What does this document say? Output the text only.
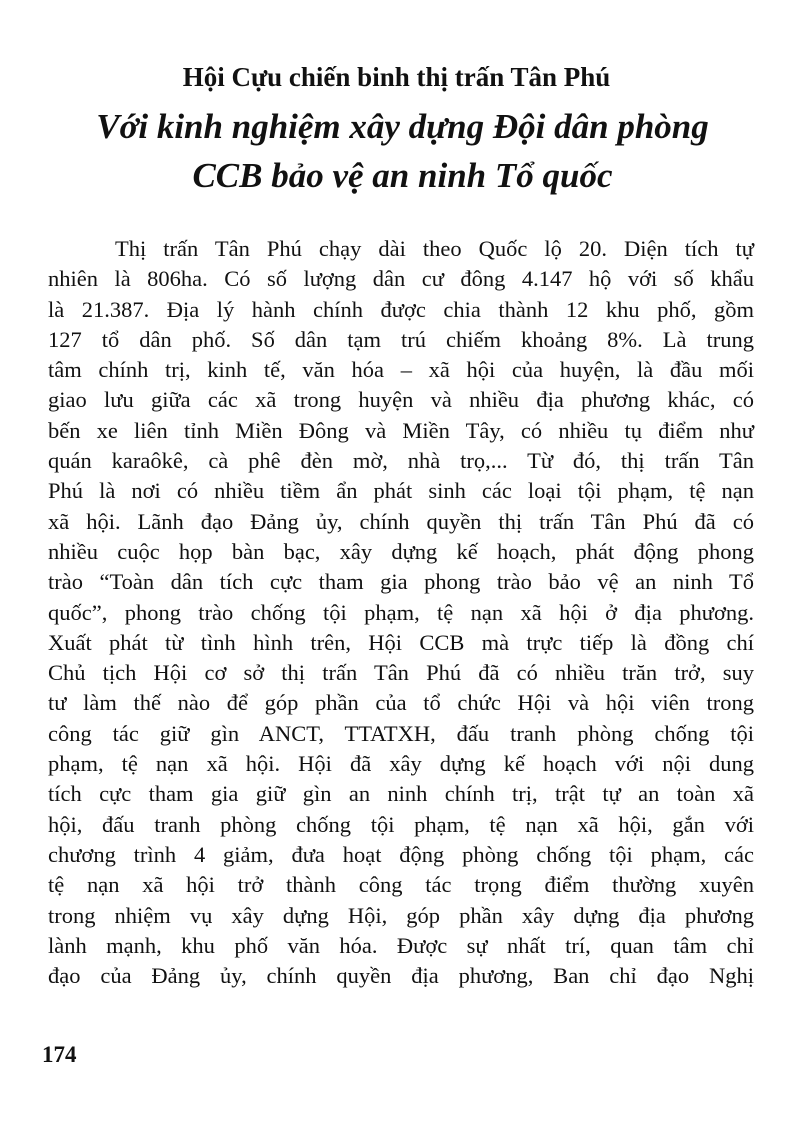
Hội Cựu chiến binh thị trấn Tân Phú
Với kinh nghiệm xây dựng Đội dân phòng
CCB bảo vệ an ninh Tổ quốc
Thị trấn Tân Phú chạy dài theo Quốc lộ 20. Diện tích tự
nhiên là 806ha. Có số lượng dân cư đông 4.147 hộ với số khẩu
là 21.387. Địa lý hành chính được chia thành 12 khu phố, gồm
127 tổ dân phố. Số dân tạm trú chiếm khoảng 8%. Là trung
tâm chính trị, kinh tế, văn hóa – xã hội của huyện, là đầu mối
giao lưu giữa các xã trong huyện và nhiều địa phương khác, có
bến xe liên tỉnh Miền Đông và Miền Tây, có nhiều tụ điểm như
quán karaôkê, cà phê đèn mờ, nhà trọ,... Từ đó, thị trấn Tân
Phú là nơi có nhiều tiềm ẩn phát sinh các loại tội phạm, tệ nạn
xã hội. Lãnh đạo Đảng ủy, chính quyền thị trấn Tân Phú đã có
nhiều cuộc họp bàn bạc, xây dựng kế hoạch, phát động phong
trào “Toàn dân tích cực tham gia phong trào bảo vệ an ninh Tổ
quốc”, phong trào chống tội phạm, tệ nạn xã hội ở địa phương.
Xuất phát từ tình hình trên, Hội CCB mà trực tiếp là đồng chí
Chủ tịch Hội cơ sở thị trấn Tân Phú đã có nhiều trăn trở, suy
tư làm thế nào để góp phần của tổ chức Hội và hội viên trong
công tác giữ gìn ANCT, TTATXH, đấu tranh phòng chống tội
phạm, tệ nạn xã hội. Hội đã xây dựng kế hoạch với nội dung
tích cực tham gia giữ gìn an ninh chính trị, trật tự an toàn xã
hội, đấu tranh phòng chống tội phạm, tệ nạn xã hội, gắn với
chương trình 4 giảm, đưa hoạt động phòng chống tội phạm, các
tệ nạn xã hội trở thành công tác trọng điểm thường xuyên
trong nhiệm vụ xây dựng Hội, góp phần xây dựng địa phương
lành mạnh, khu phố văn hóa. Được sự nhất trí, quan tâm chỉ
đạo của Đảng ủy, chính quyền địa phương, Ban chỉ đạo Nghị
174
